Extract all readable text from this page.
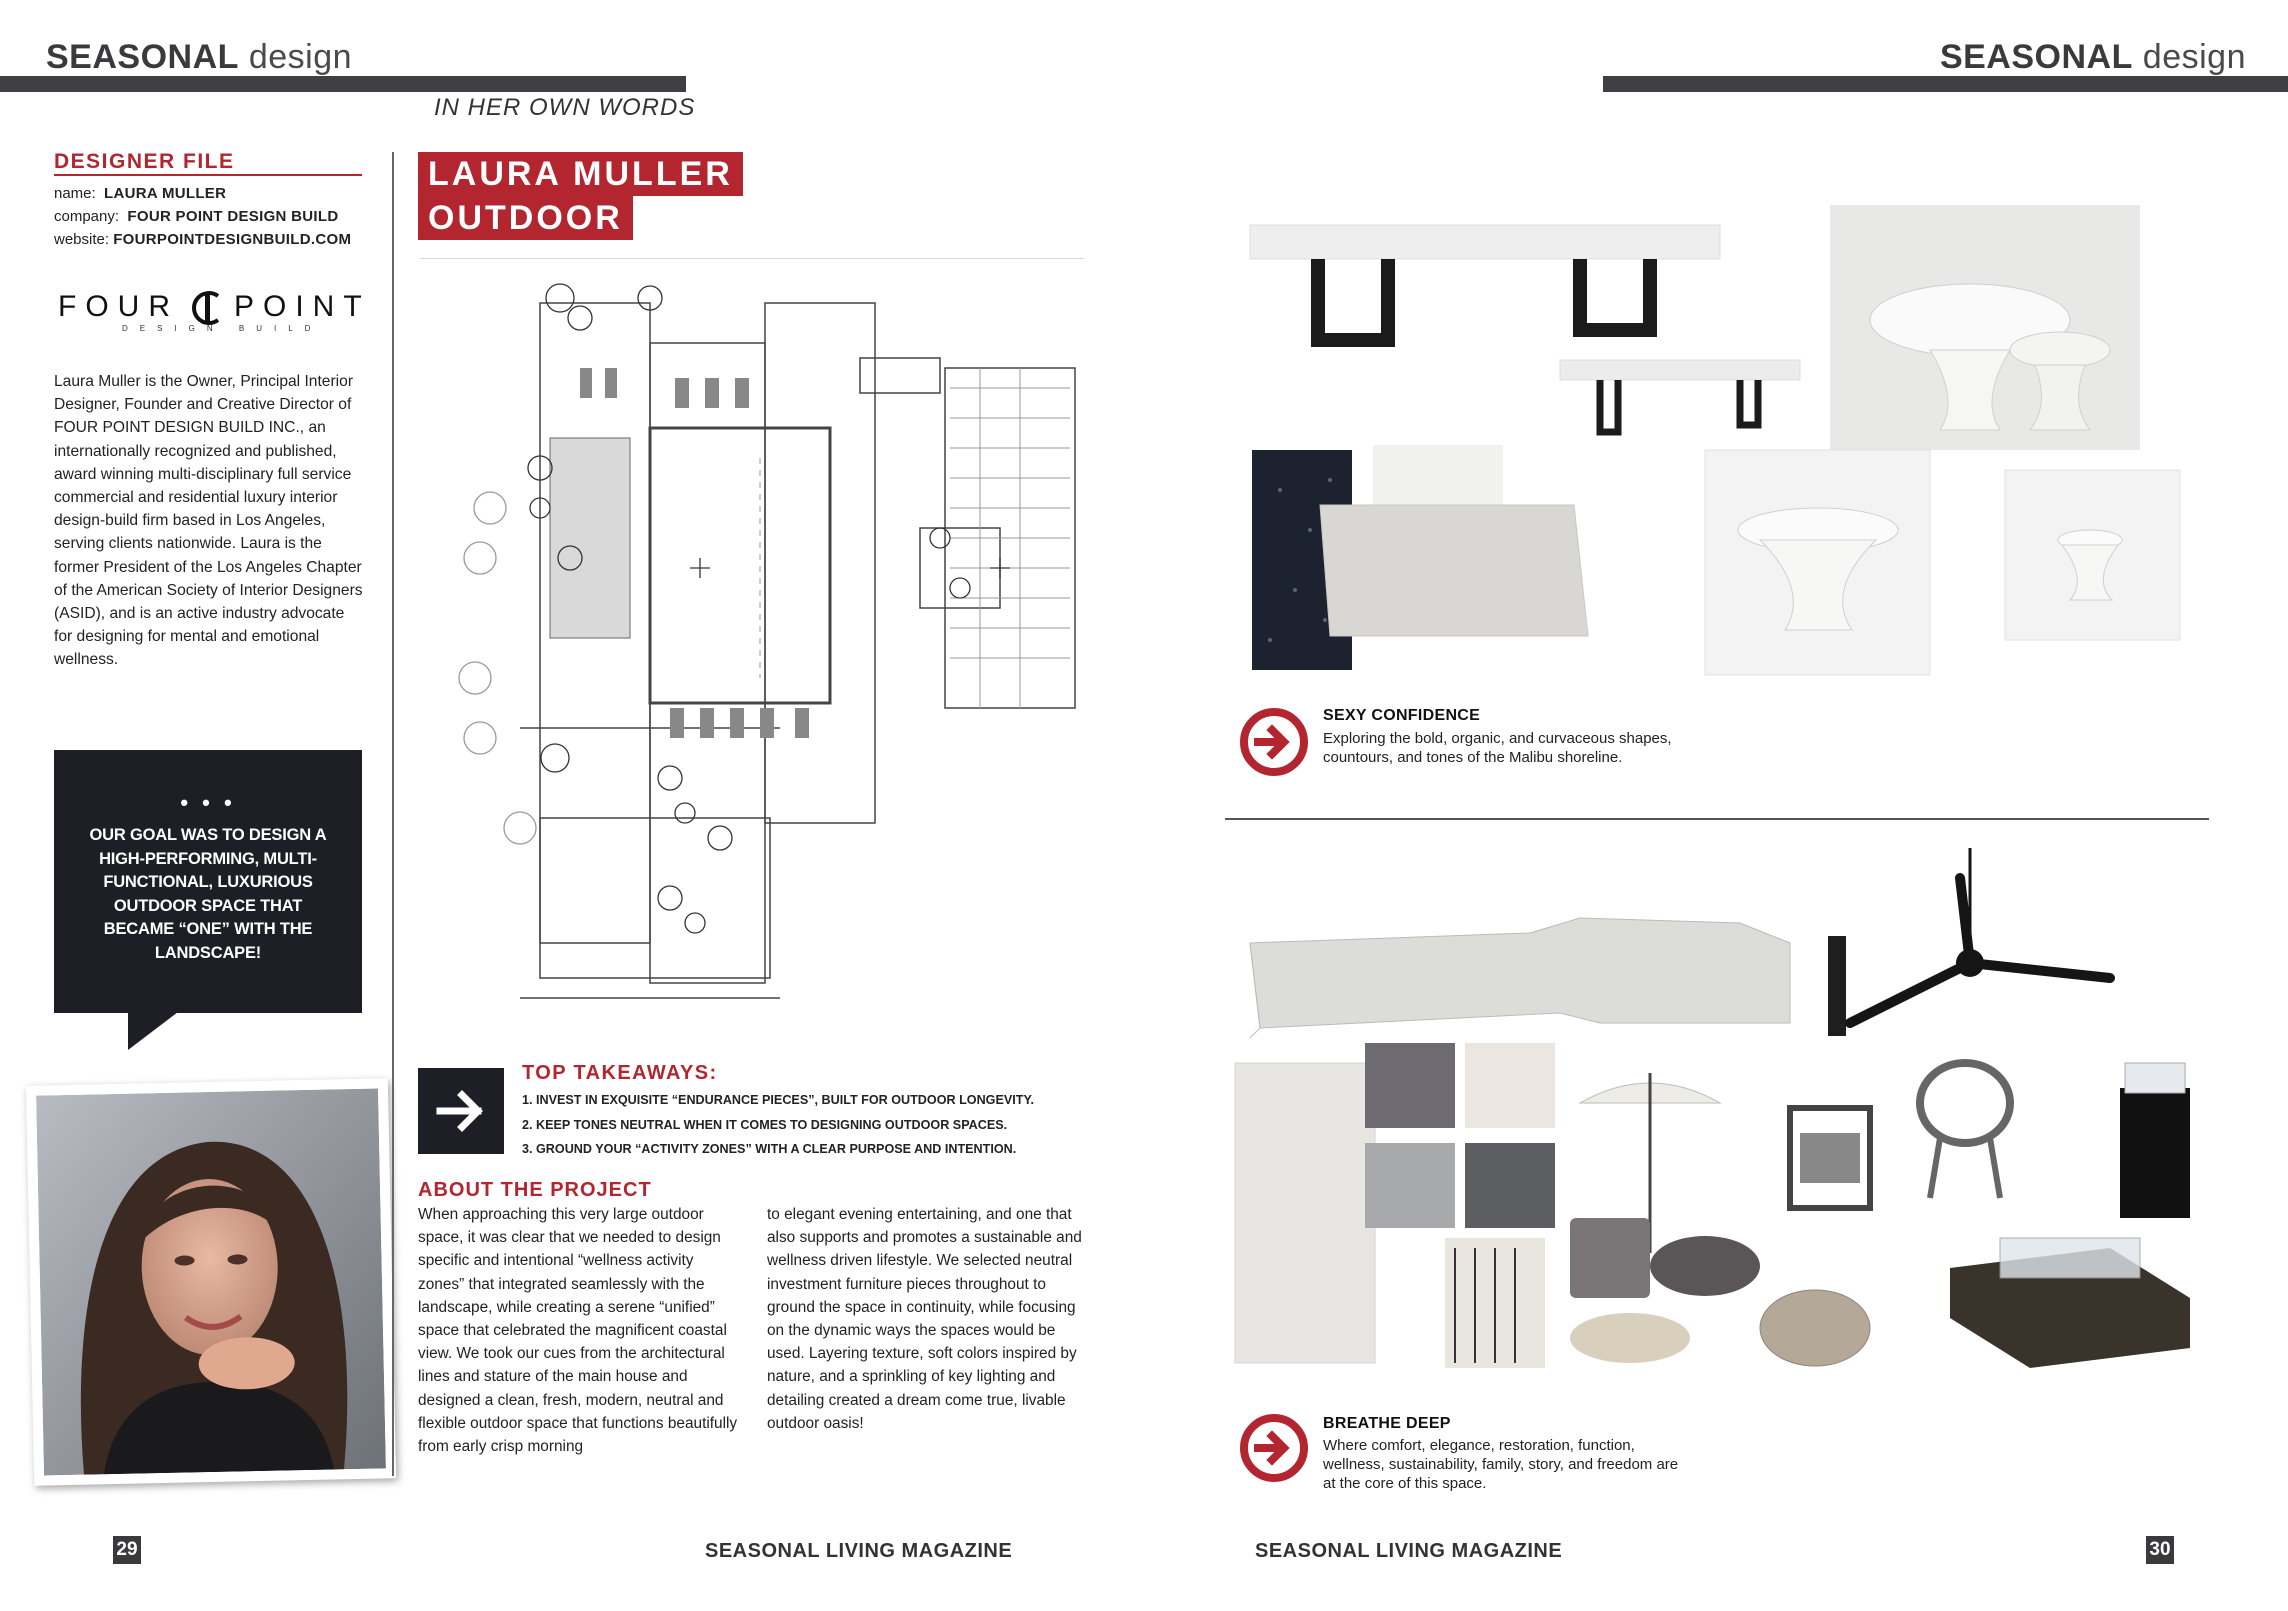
SEASONAL design	SEASONAL design
IN HER OWN WORDS
DESIGNER FILE
name: LAURA MULLER
company: FOUR POINT DESIGN BUILD
website: FOURPOINTDESIGNBUILD.COM
FOUR POINT
DESIGN BUILD
Laura Muller is the Owner, Principal Interior Designer, Founder and Creative Director of FOUR POINT DESIGN BUILD INC., an internationally recognized and published, award winning multi-disciplinary full service commercial and residential luxury interior design-build firm based in Los Angeles, serving clients nationwide. Laura is the former President of the Los Angeles Chapter of the American Society of Interior Designers (ASID), and is an active industry advocate for designing for mental and emotional wellness.
• • •
OUR GOAL WAS TO DESIGN A HIGH-PERFORMING, MULTI-FUNCTIONAL, LUXURIOUS OUTDOOR SPACE THAT BECAME “ONE” WITH THE LANDSCAPE!
LAURA MULLER
OUTDOOR
TOP TAKEAWAYS:
1. INVEST IN EXQUISITE “ENDURANCE PIECES”, BUILT FOR OUTDOOR LONGEVITY.
2. KEEP TONES NEUTRAL WHEN IT COMES TO DESIGNING OUTDOOR SPACES.
3. GROUND YOUR “ACTIVITY ZONES” WITH A CLEAR PURPOSE AND INTENTION.
ABOUT THE PROJECT
When approaching this very large outdoor space, it was clear that we needed to design specific and intentional “wellness activity zones” that integrated seamlessly with the landscape, while creating a serene “unified” space that celebrated the magnificent coastal view. We took our cues from the architectural lines and stature of the main house and designed a clean, fresh, modern, neutral and flexible outdoor space that functions beautifully from early crisp morning
to elegant evening entertaining, and one that also supports and promotes a sustainable and wellness driven lifestyle. We selected neutral investment furniture pieces throughout to ground the space in continuity, while focusing on the dynamic ways the spaces would be used. Layering texture, soft colors inspired by nature, and a sprinkling of key lighting and detailing created a dream come true, livable outdoor oasis!
SEXY CONFIDENCE
Exploring the bold, organic, and curvaceous shapes, countours, and tones of the Malibu shoreline.
BREATHE DEEP
Where comfort, elegance, restoration, function, wellness, sustainability, family, story, and freedom are at the core of this space.
29	SEASONAL LIVING MAGAZINE	SEASONAL LIVING MAGAZINE	30
